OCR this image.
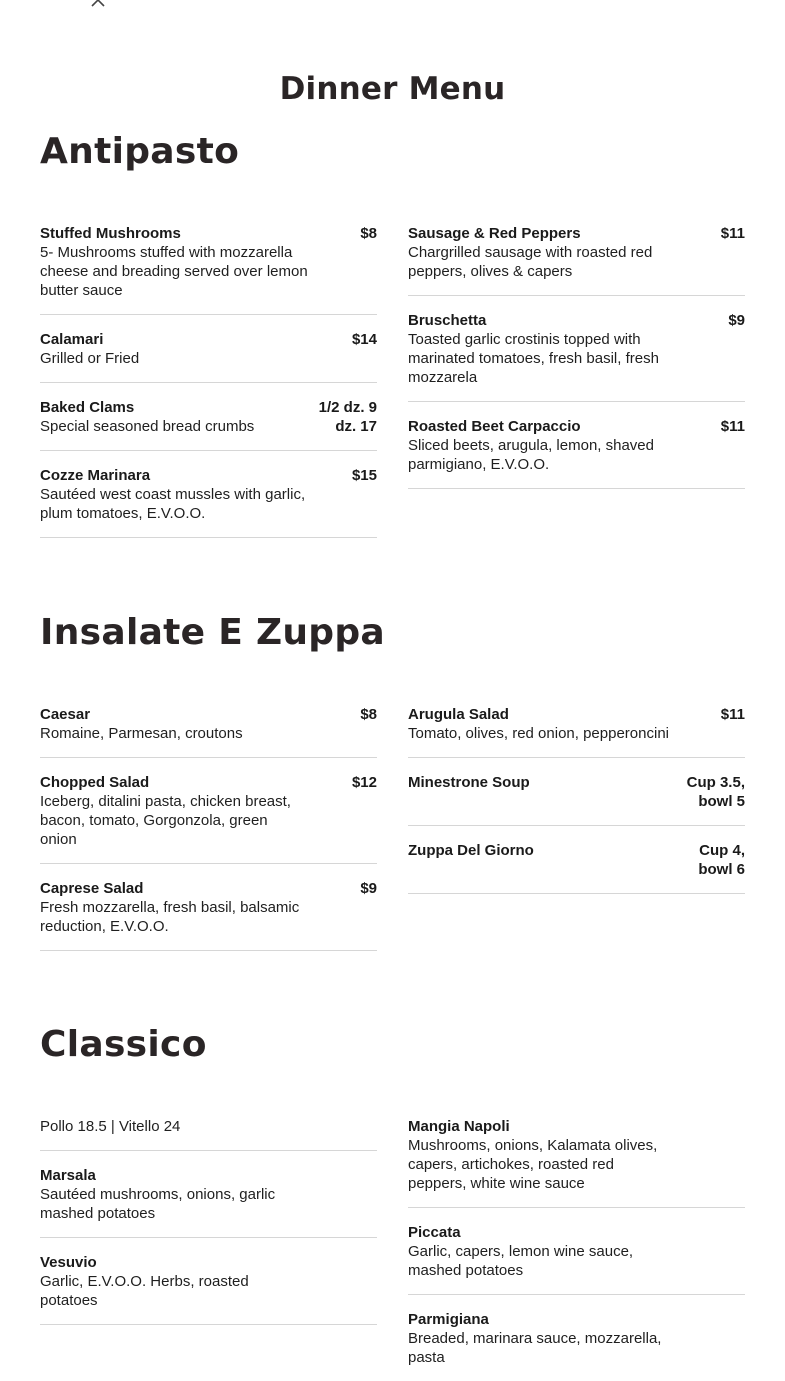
Dinner Menu
Antipasto
Stuffed Mushrooms
5- Mushrooms stuffed with mozzarella cheese and breading served over lemon butter sauce
$8
Calamari
Grilled or Fried
$14
Baked Clams
Special seasoned bread crumbs
1/2 dz. 9 dz. 17
Cozze Marinara
Sautéed west coast mussles with garlic, plum tomatoes, E.V.O.O.
$15
Sausage & Red Peppers
Chargrilled sausage with roasted red peppers, olives & capers
$11
Bruschetta
Toasted garlic crostinis topped with marinated tomatoes, fresh basil, fresh mozzarela
$9
Roasted Beet Carpaccio
Sliced beets, arugula, lemon, shaved parmigiano, E.V.O.O.
$11
Insalate E Zuppa
Caesar
Romaine, Parmesan, croutons
$8
Chopped Salad
Iceberg, ditalini pasta, chicken breast, bacon, tomato, Gorgonzola, green onion
$12
Caprese Salad
Fresh mozzarella, fresh basil, balsamic reduction, E.V.O.O.
$9
Arugula Salad
Tomato, olives, red onion, pepperoncini
$11
Minestrone Soup	Cup 3.5, bowl 5
Zuppa Del Giorno	Cup 4, bowl 6
Classico
Pollo 18.5 | Vitello 24
Marsala
Sautéed mushrooms, onions, garlic mashed potatoes
Vesuvio
Garlic, E.V.O.O. Herbs, roasted potatoes
Mangia Napoli
Mushrooms, onions, Kalamata olives, capers, artichokes, roasted red peppers, white wine sauce
Piccata
Garlic, capers, lemon wine sauce, mashed potatoes
Parmigiana
Breaded, marinara sauce, mozzarella, pasta
